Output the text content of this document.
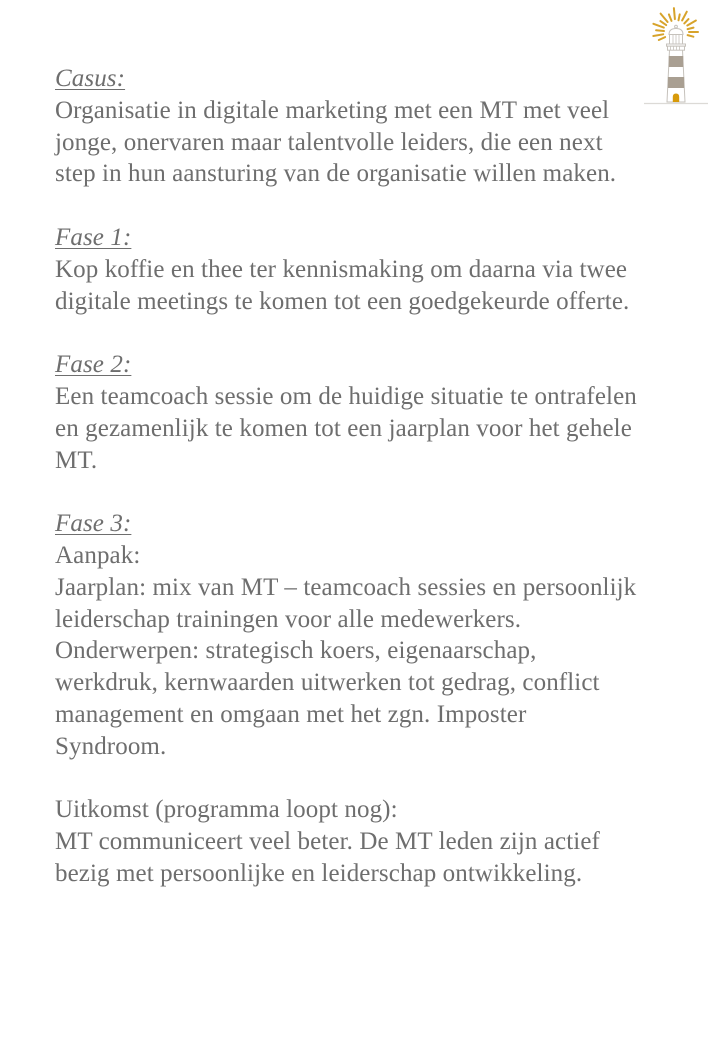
Casus:
Organisatie in digitale marketing met een MT met veel
jonge, onervaren maar talentvolle leiders, die een next
step in hun aansturing van de organisatie willen maken.
Fase 1:
Kop koffie en thee ter kennismaking om daarna via twee
digitale meetings te komen tot een goedgekeurde offerte.
Fase 2:
Een teamcoach sessie om de huidige situatie te ontrafelen
en gezamenlijk te komen tot een jaarplan voor het gehele
MT.
Fase 3:
Aanpak:
Jaarplan: mix van MT – teamcoach sessies en persoonlijk
leiderschap trainingen voor alle medewerkers.
Onderwerpen: strategisch koers, eigenaarschap,
werkdruk, kernwaarden uitwerken tot gedrag, conflict
management en omgaan met het zgn. Imposter
Syndroom.
Uitkomst (programma loopt nog):
MT communiceert veel beter. De MT leden zijn actief
bezig met persoonlijke en leiderschap ontwikkeling.
